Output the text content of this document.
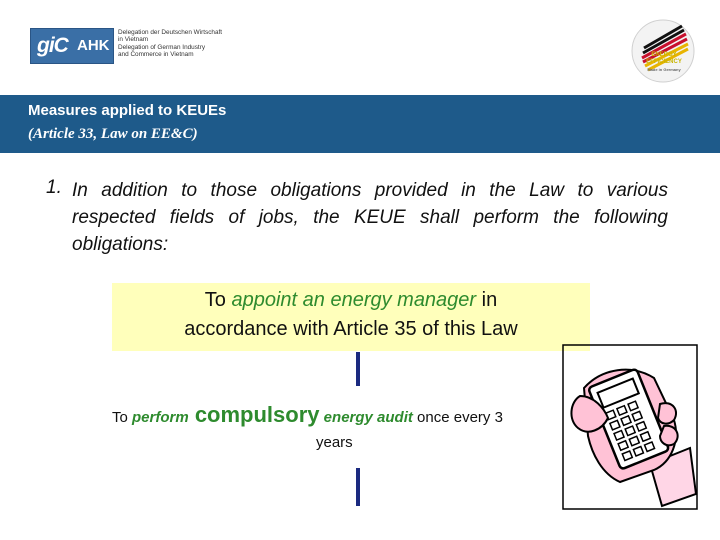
giC AHK
Delegation der Deutschen Wirtschaft
in Vietnam
Delegation of German Industry
and Commerce in Vietnam	ENERGY
EFFICIENCY
Made in Germany
Measures applied to KEUEs
(Article 33, Law on EE&C)
1. In addition to those obligations provided in the Law to various respected fields of jobs, the KEUE shall perform the following obligations:
To appoint an energy manager in
accordance with Article 35 of this Law
To perform compulsory energy audit once every 3
years
